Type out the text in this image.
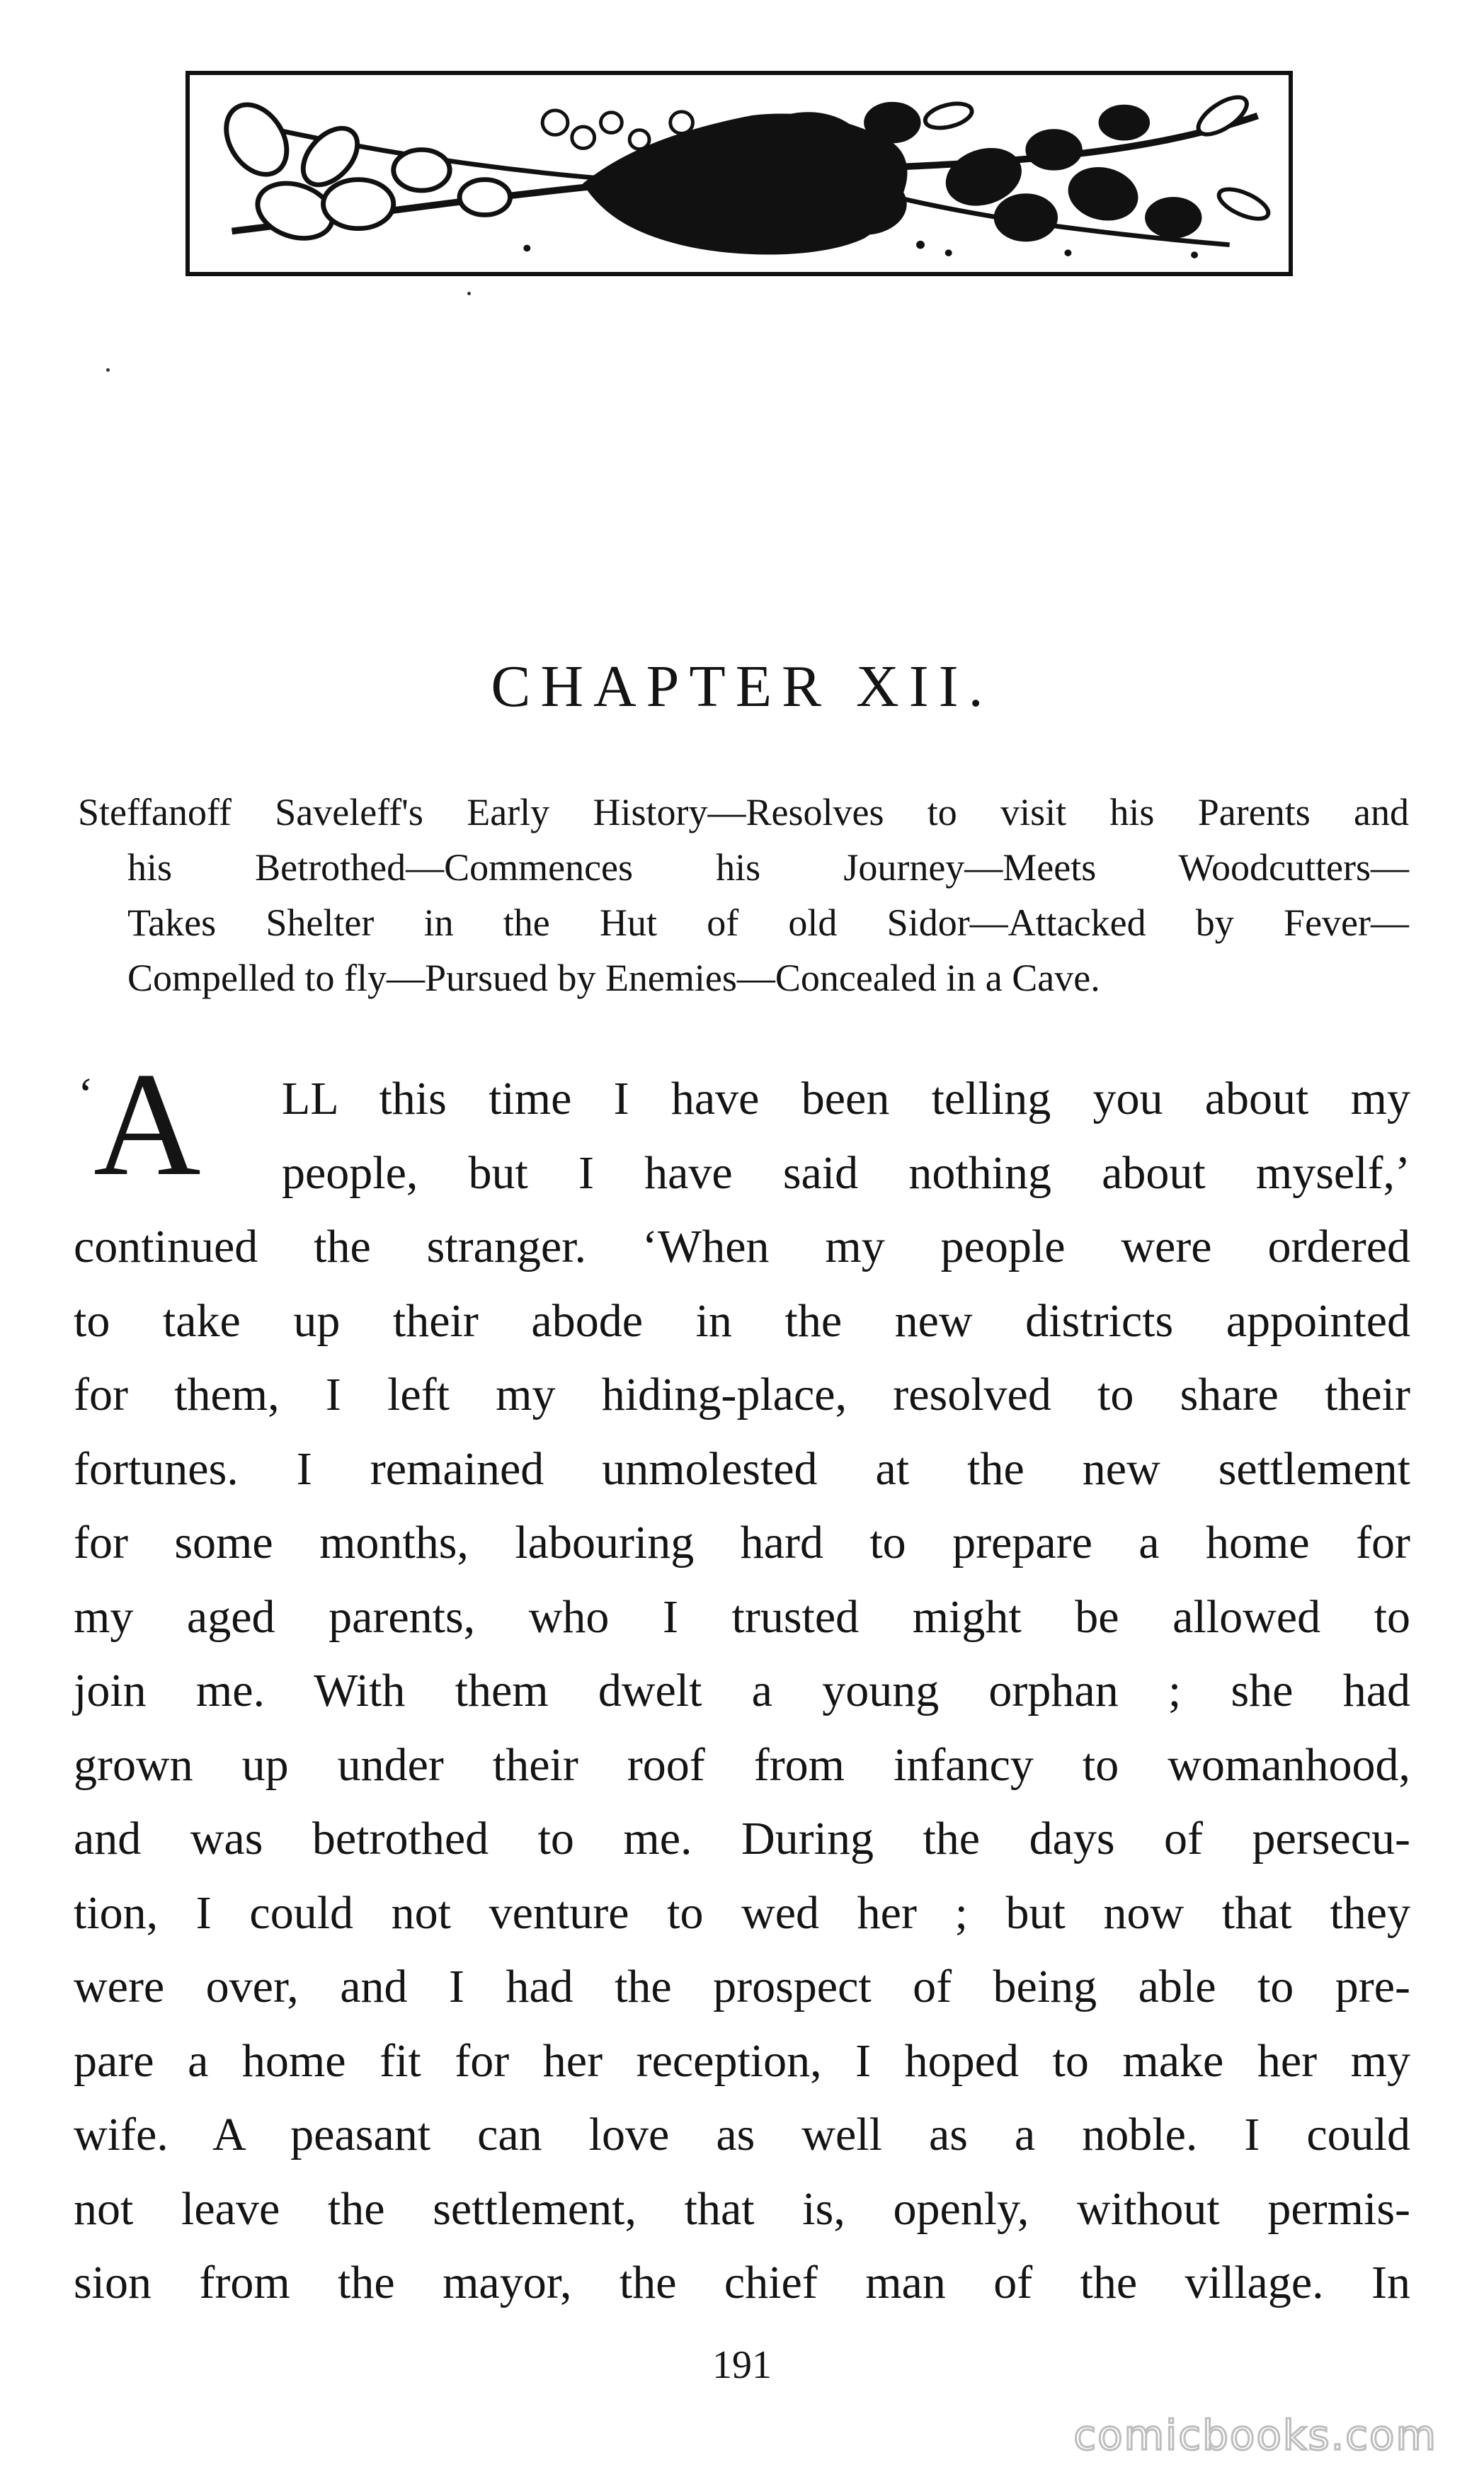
CHAPTER XII.
Steffanoff Saveleff's Early History—Resolves to visit his Parents and
his Betrothed—Commences his Journey—Meets Woodcutters—
Takes Shelter in the Hut of old Sidor—Attacked by Fever—
Compelled to fly—Pursued by Enemies—Concealed in a Cave.
‘ A	LL this time I have been telling you about my
people, but I have said nothing about myself,’
continued the stranger. ‘When my people were ordered
to take up their abode in the new districts appointed
for them, I left my hiding-place, resolved to share their
fortunes. I remained unmolested at the new settlement
for some months, labouring hard to prepare a home for
my aged parents, who I trusted might be allowed to
join me. With them dwelt a young orphan ; she had
grown up under their roof from infancy to womanhood,
and was betrothed to me. During the days of persecu-
tion, I could not venture to wed her ; but now that they
were over, and I had the prospect of being able to pre-
pare a home fit for her reception, I hoped to make her my
wife. A peasant can love as well as a noble. I could
not leave the settlement, that is, openly, without permis-
sion from the mayor, the chief man of the village. In
191
comicbooks.com
